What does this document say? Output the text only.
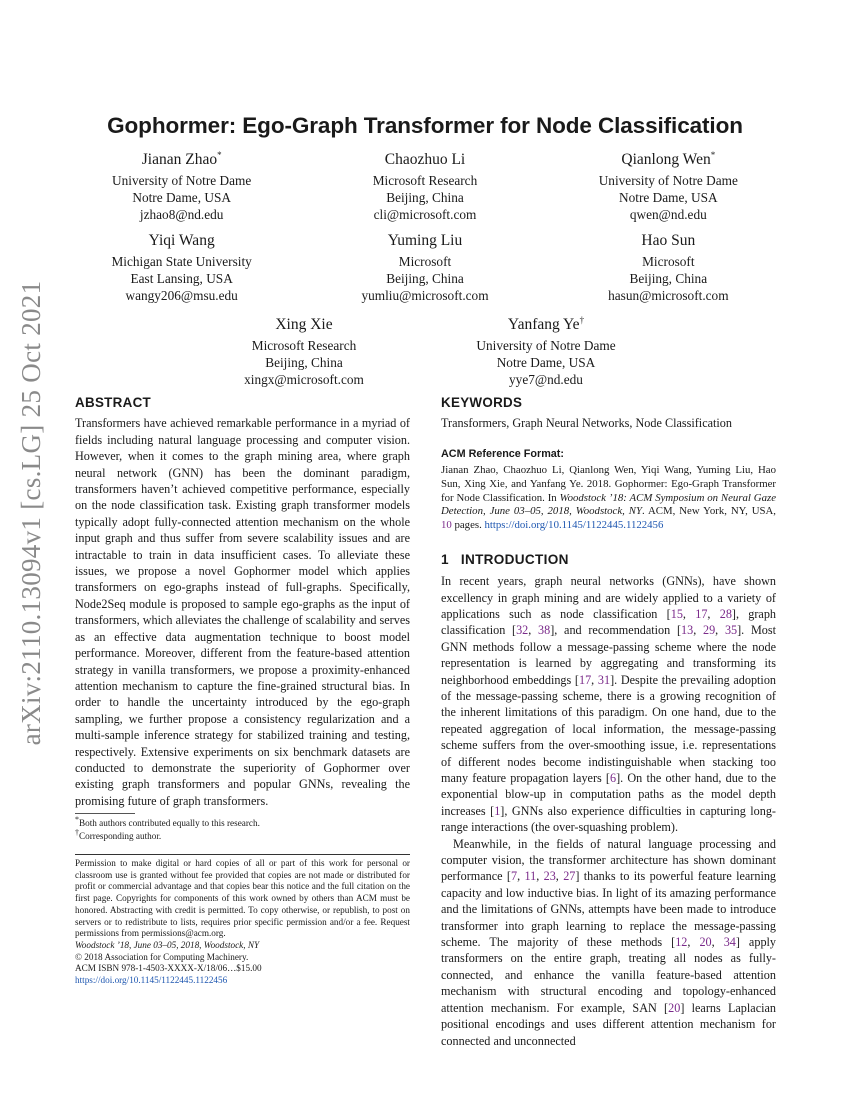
arXiv:2110.13094v1 [cs.LG] 25 Oct 2021
Gophormer: Ego-Graph Transformer for Node Classification
Jianan Zhao*
University of Notre Dame
Notre Dame, USA
jzhao8@nd.edu
Chaozhuo Li
Microsoft Research
Beijing, China
cli@microsoft.com
Qianlong Wen*
University of Notre Dame
Notre Dame, USA
qwen@nd.edu
Yiqi Wang
Michigan State University
East Lansing, USA
wangy206@msu.edu
Yuming Liu
Microsoft
Beijing, China
yumliu@microsoft.com
Hao Sun
Microsoft
Beijing, China
hasun@microsoft.com
Xing Xie
Microsoft Research
Beijing, China
xingx@microsoft.com
Yanfang Ye†
University of Notre Dame
Notre Dame, USA
yye7@nd.edu
ABSTRACT

Transformers have achieved remarkable performance in a myriad of fields including natural language processing and computer vision. However, when it comes to the graph mining area, where graph neural network (GNN) has been the dominant paradigm, transformers haven’t achieved competitive performance, especially on the node classification task. Existing graph transformer models typically adopt fully-connected attention mechanism on the whole input graph and thus suffer from severe scalability issues and are intractable to train in data insufficient cases. To alleviate these issues, we propose a novel Gophormer model which applies transformers on ego-graphs instead of full-graphs. Specifically, Node2Seq module is proposed to sample ego-graphs as the input of transformers, which alleviates the challenge of scalability and serves as an effective data augmentation technique to boost model performance. Moreover, different from the feature-based attention strategy in vanilla transformers, we propose a proximity-enhanced attention mechanism to capture the fine-grained structural bias. In order to handle the uncertainty introduced by the ego-graph sampling, we further propose a consistency regularization and a multi-sample inference strategy for stabilized training and testing, respectively. Extensive experiments on six benchmark datasets are conducted to demonstrate the superiority of Gophormer over existing graph transformers and popular GNNs, revealing the promising future of graph transformers.

*Both authors contributed equally to this research.
†Corresponding author.

Permission to make digital or hard copies of all or part of this work for personal or classroom use is granted without fee provided that copies are not made or distributed for profit or commercial advantage and that copies bear this notice and the full citation on the first page. Copyrights for components of this work owned by others than ACM must be honored. Abstracting with credit is permitted. To copy otherwise, or republish, to post on servers or to redistribute to lists, requires prior specific permission and/or a fee. Request permissions from permissions@acm.org.

Woodstock ’18, June 03–05, 2018, Woodstock, NY

© 2018 Association for Computing Machinery.

ACM ISBN 978-1-4503-XXXX-X/18/06…$15.00

https://doi.org/10.1145/1122445.1122456

KEYWORDS

Transformers, Graph Neural Networks, Node Classification

ACM Reference Format:

Jianan Zhao, Chaozhuo Li, Qianlong Wen, Yiqi Wang, Yuming Liu, Hao Sun, Xing Xie, and Yanfang Ye. 2018. Gophormer: Ego-Graph Transformer for Node Classification. In Woodstock ’18: ACM Symposium on Neural Gaze Detection, June 03–05, 2018, Woodstock, NY. ACM, New York, NY, USA, 10 pages. https://doi.org/10.1145/1122445.1122456

1 INTRODUCTION

In recent years, graph neural networks (GNNs), have shown excellency in graph mining and are widely applied to a variety of applications such as node classification [15, 17, 28], graph classification [32, 38], and recommendation [13, 29, 35]. Most GNN methods follow a message-passing scheme where the node representation is learned by aggregating and transforming its neighborhood embeddings [17, 31]. Despite the prevailing adoption of the message-passing scheme, there is a growing recognition of the inherent limitations of this paradigm. On one hand, due to the repeated aggregation of local information, the message-passing scheme suffers from the over-smoothing issue, i.e. representations of different nodes become indistinguishable when stacking too many feature propagation layers [6]. On the other hand, due to the exponential blow-up in computation paths as the model depth increases [1], GNNs also experience difficulties in capturing long-range interactions (the over-squashing problem).

Meanwhile, in the fields of natural language processing and computer vision, the transformer architecture has shown dominant performance [7, 11, 23, 27] thanks to its powerful feature learning capacity and low inductive bias. In light of its amazing performance and the limitations of GNNs, attempts have been made to introduce transformer into graph learning to replace the message-passing scheme. The majority of these methods [12, 20, 34] apply transformers on the entire graph, treating all nodes as fully-connected, and enhance the vanilla feature-based attention mechanism with structural encoding and topology-enhanced attention mechanism. For example, SAN [20] learns Laplacian positional encodings and uses different attention mechanism for connected and unconnected
